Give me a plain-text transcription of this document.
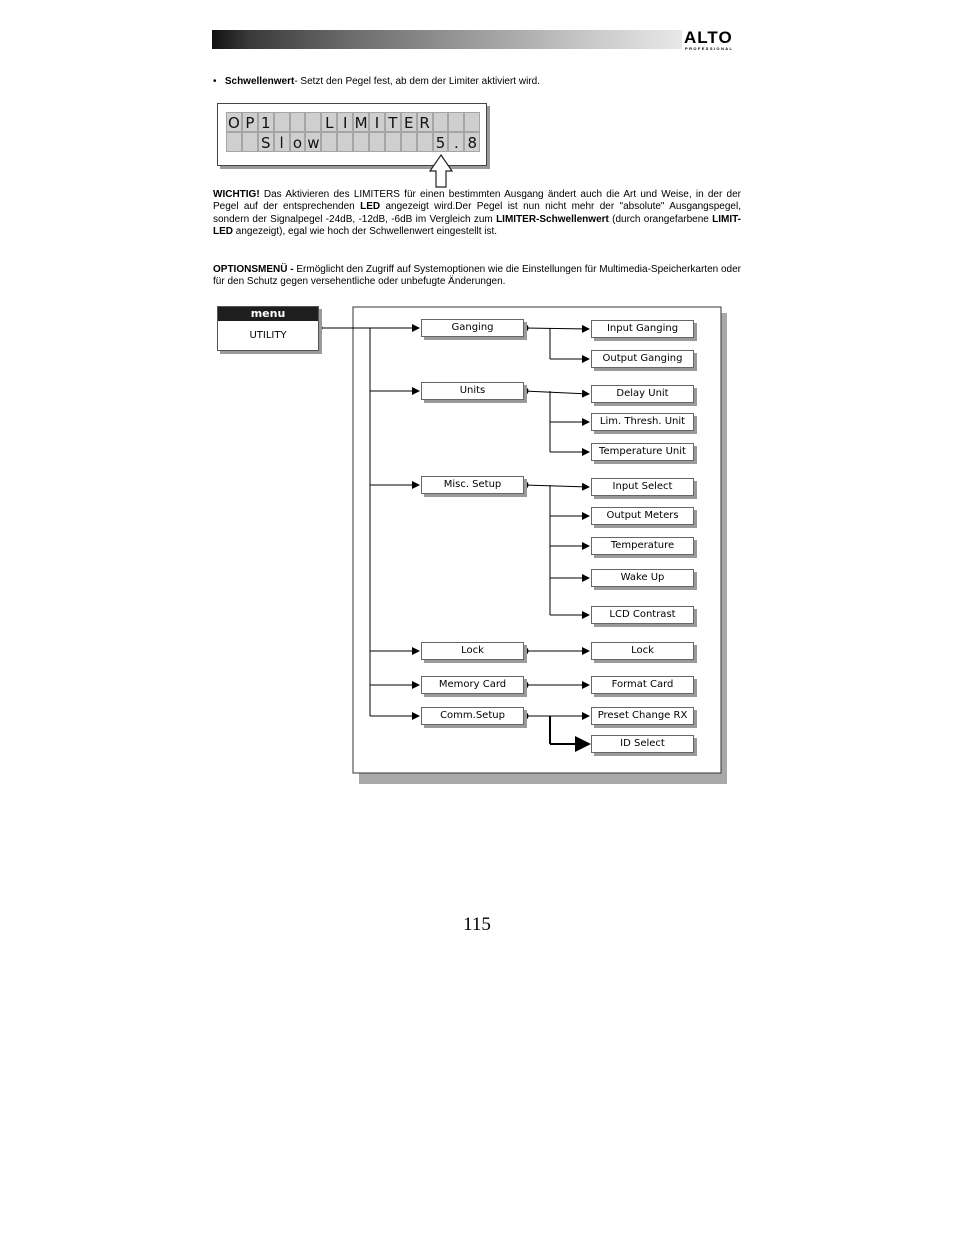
ALTO
PROFESSIONAL
•   Schwellenwert- Setzt den Pegel fest, ab dem der Limiter aktiviert wird.
O P 1	L I M I T E R
S l o w	5 . 8
WICHTIG! Das Aktivieren des LIMITERS für einen bestimmten Ausgang ändert auch die Art und Weise, in der der Pegel auf der entsprechenden LED angezeigt wird.Der Pegel ist nun nicht mehr der "absolute" Ausgangspegel, sondern der Signalpegel -24dB, -12dB, -6dB im Vergleich zum LIMITER-Schwellenwert (durch orangefarbene LIMIT-LED angezeigt), egal wie hoch der Schwellenwert eingestellt ist.
OPTIONSMENÜ - Ermöglicht den Zugriff auf Systemoptionen wie die Einstellungen für Multimedia-Speicherkarten oder für den Schutz gegen versehentliche oder unbefugte Änderungen.
menu
UTILITY
Ganging	Input Ganging
Output Ganging
Units	Delay Unit
Lim. Thresh. Unit
Temperature Unit
Misc. Setup	Input Select
Output Meters
Temperature
Wake Up
LCD Contrast
Lock	Lock
Memory Card	Format Card
Comm.Setup	Preset Change RX
ID Select
115
